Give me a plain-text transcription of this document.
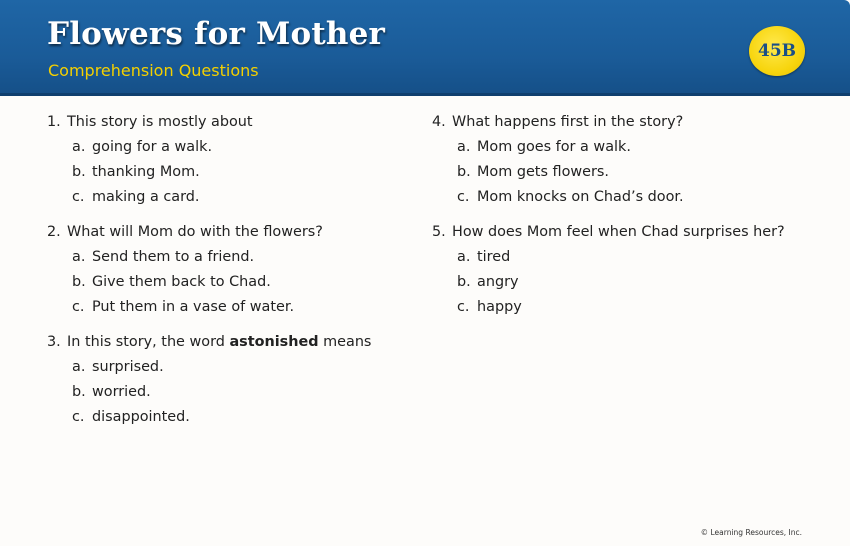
Flowers for Mother
Comprehension Questions
45B
1. This story is mostly about
a. going for a walk.
b. thanking Mom.
c. making a card.
2. What will Mom do with the flowers?
a. Send them to a friend.
b. Give them back to Chad.
c. Put them in a vase of water.
3. In this story, the word astonished means
a. surprised.
b. worried.
c. disappointed.
4. What happens first in the story?
a. Mom goes for a walk.
b. Mom gets flowers.
c. Mom knocks on Chad’s door.
5. How does Mom feel when Chad surprises her?
a. tired
b. angry
c. happy
© Learning Resources, Inc.
